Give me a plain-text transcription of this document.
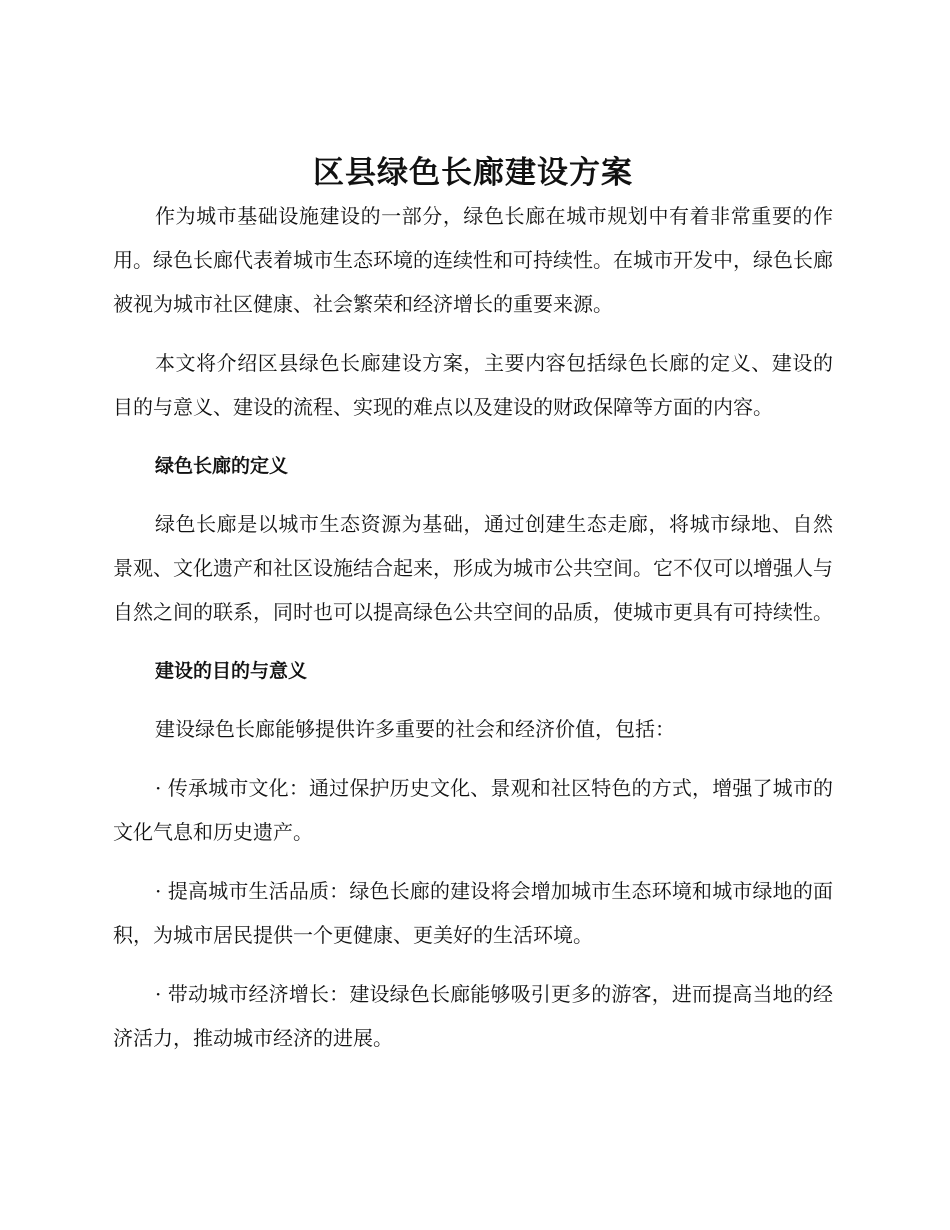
区县绿色长廊建设方案

作为城市基础设施建设的一部分，绿色长廊在城市规划中有着非常重要的作用。绿色长廊代表着城市生态环境的连续性和可持续性。在城市开发中，绿色长廊被视为城市社区健康、社会繁荣和经济增长的重要来源。

本文将介绍区县绿色长廊建设方案，主要内容包括绿色长廊的定义、建设的目的与意义、建设的流程、实现的难点以及建设的财政保障等方面的内容。

绿色长廊的定义

绿色长廊是以城市生态资源为基础，通过创建生态走廊，将城市绿地、自然景观、文化遗产和社区设施结合起来，形成为城市公共空间。它不仅可以增强人与自然之间的联系，同时也可以提高绿色公共空间的品质，使城市更具有可持续性。

建设的目的与意义

建设绿色长廊能够提供许多重要的社会和经济价值，包括：

· 传承城市文化：通过保护历史文化、景观和社区特色的方式，增强了城市的文化气息和历史遗产。

· 提高城市生活品质：绿色长廊的建设将会增加城市生态环境和城市绿地的面积，为城市居民提供一个更健康、更美好的生活环境。

· 带动城市经济增长：建设绿色长廊能够吸引更多的游客，进而提高当地的经济活力，推动城市经济的进展。
